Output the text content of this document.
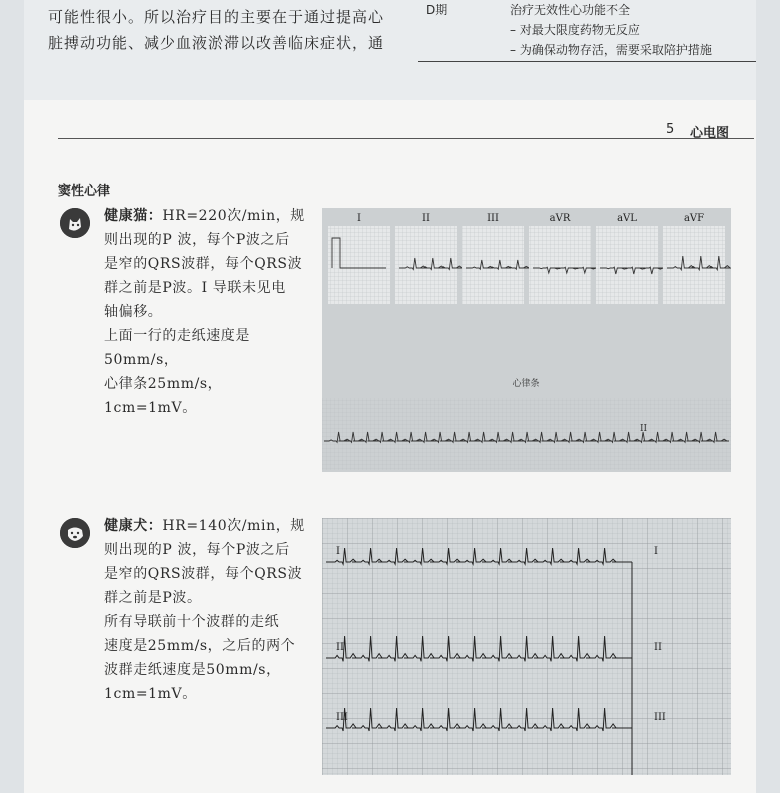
可能性很小。所以治疗目的主要在于通过提高心
脏搏动功能、减少血液淤滞以改善临床症状，通
D期	治疗无效性心功能不全
– 对最大限度药物无反应
– 为确保动物存活，需要采取陪护措施
5 心电图
窦性心律

健康猫：HR=220次/min，规

则出现的P 波，每个P波之后

是窄的QRS波群，每个QRS波

群之前是P波。I 导联未见电

轴偏移。

上面一行的走纸速度是50mm/s，

心律条25mm/s，1cm=1mV。

I	II	III	aVR	aVL	aVF
心律条
II

健康犬：HR=140次/min，规

则出现的P 波，每个P波之后

是窄的QRS波群，每个QRS波

群之前是P波。

所有导联前十个波群的走纸

速度是25mm/s，之后的两个

波群走纸速度是50mm/s，

1cm=1mV。

I	I
II	II
III	III
